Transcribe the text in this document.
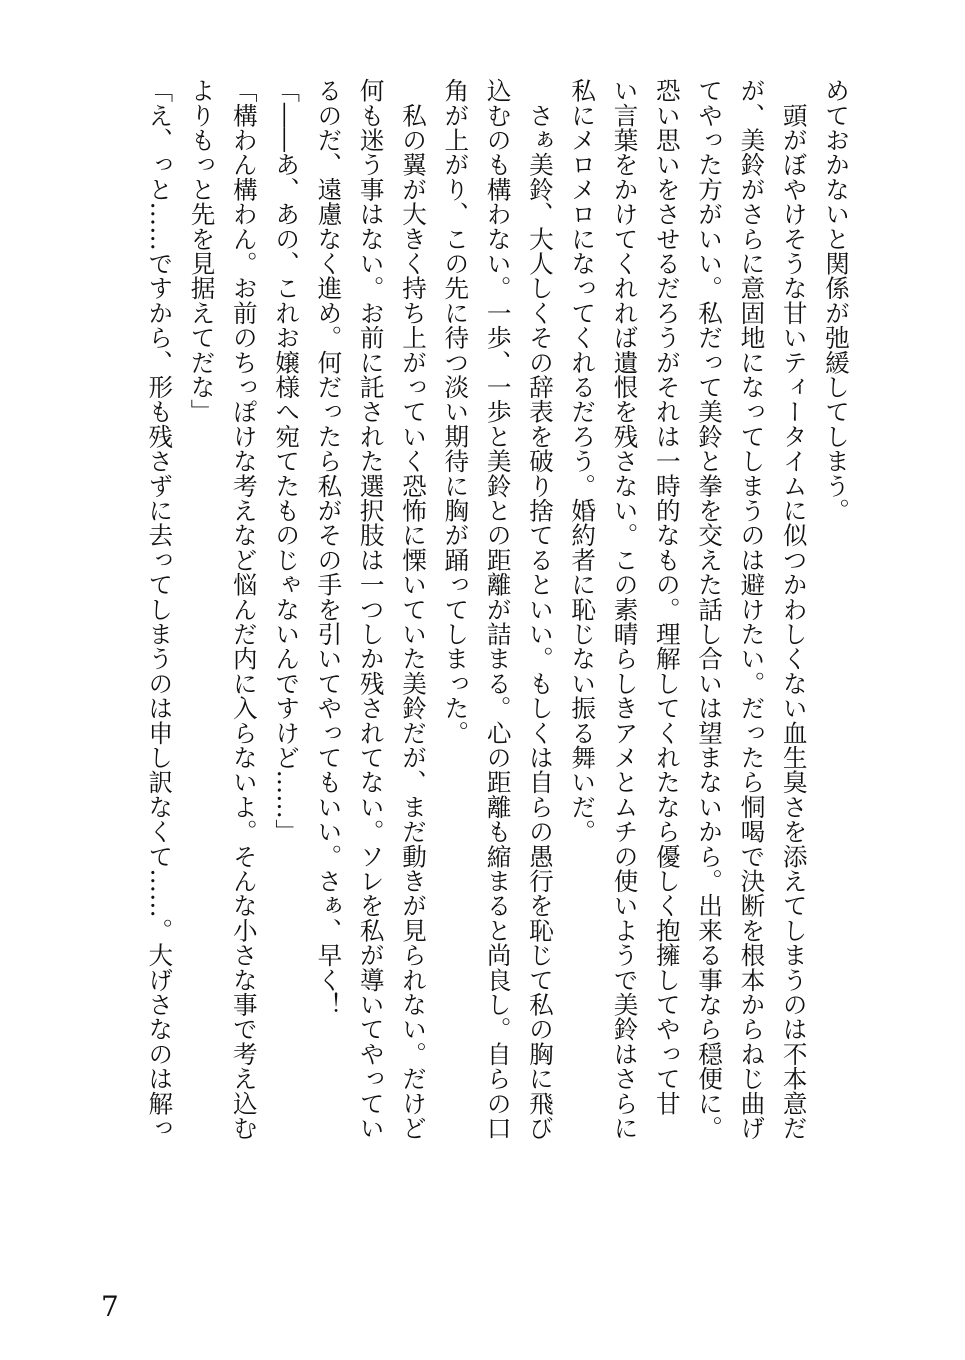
めておかないと関係が弛緩してしまう。

　頭がぼやけそうな甘いティータイムに似つかわしくない血生臭さを添えてしまうのは不本意だ

が、美鈴がさらに意固地になってしまうのは避けたい。だったら恫喝で決断を根本からねじ曲げ

てやった方がいい。私だって美鈴と拳を交えた話し合いは望まないから。出来る事なら穏便に。

恐い思いをさせるだろうがそれは一時的なもの。理解してくれたなら優しく抱擁してやって甘

い言葉をかけてくれれば遺恨を残さない。この素晴らしきアメとムチの使いようで美鈴はさらに

私にメロメロになってくれるだろう。婚約者に恥じない振る舞いだ。

　さぁ美鈴、大人しくその辞表を破り捨てるといい。もしくは自らの愚行を恥じて私の胸に飛び

込むのも構わない。一歩、一歩と美鈴との距離が詰まる。心の距離も縮まると尚良し。自らの口

角が上がり、この先に待つ淡い期待に胸が踊ってしまった。

　私の翼が大きく持ち上がっていく恐怖に慄いていた美鈴だが、まだ動きが見られない。だけど

何も迷う事はない。お前に託された選択肢は一つしか残されてない。ソレを私が導いてやってい

るのだ、遠慮なく進め。何だったら私がその手を引いてやってもいい。さぁ、早く！

「――あ、あの、これお嬢様へ宛てたものじゃないんですけど……」

「構わん構わん。お前のちっぽけな考えなど悩んだ内に入らないよ。そんな小さな事で考え込む

よりもっと先を見据えてだな」

「え、っと……ですから、形も残さずに去ってしまうのは申し訳なくて……。大げさなのは解っ

7
